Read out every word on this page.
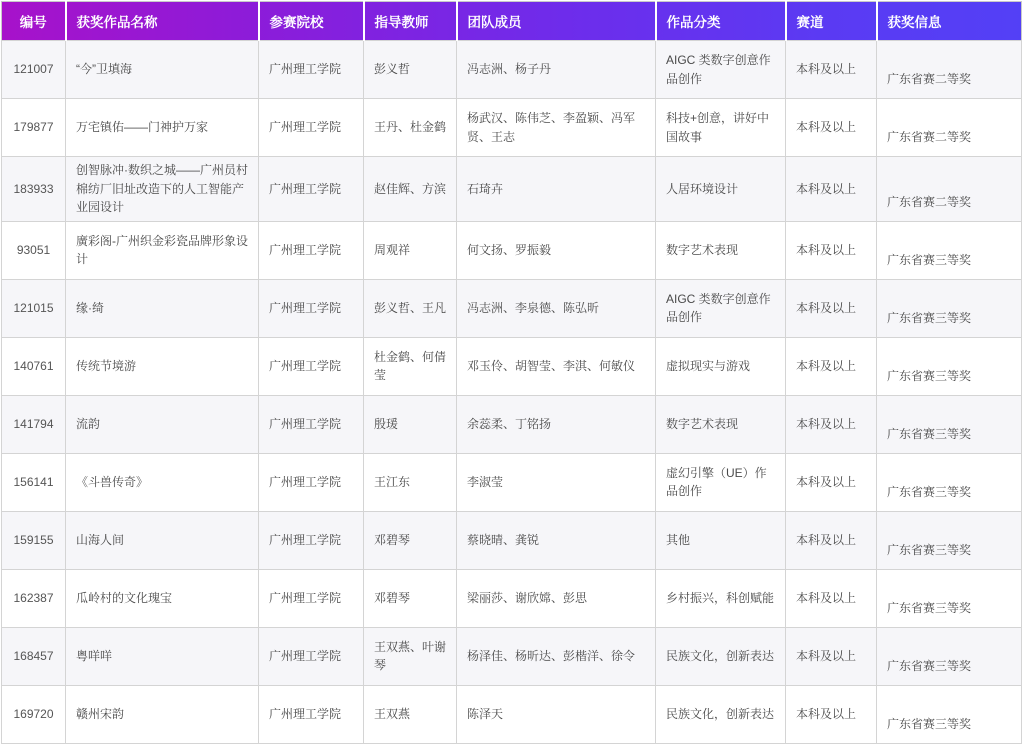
编号	获奖作品名称	参赛院校	指导教师	团队成员	作品分类	赛道	获奖信息
121007	“今”卫填海	广州理工学院	彭义哲	冯志洲、杨子丹	AIGC 类数字创意作品创作	本科及以上	广东省赛二等奖
179877	万宅镇佑——门神护万家	广州理工学院	王丹、杜金鹤	杨武汉、陈伟芝、李盈颖、冯军贤、王志	科技+创意，讲好中国故事	本科及以上	广东省赛二等奖
183933	创智脉冲·数织之城——广州员村棉纺厂旧址改造下的人工智能产业园设计	广州理工学院	赵佳辉、方滨	石琦卉	人居环境设计	本科及以上	广东省赛二等奖
93051	廣彩阁-广州织金彩瓷品牌形象设计	广州理工学院	周观祥	何文扬、罗振毅	数字艺术表现	本科及以上	广东省赛三等奖
121015	缘·绮	广州理工学院	彭义哲、王凡	冯志洲、李泉德、陈弘昕	AIGC 类数字创意作品创作	本科及以上	广东省赛三等奖
140761	传统节境游	广州理工学院	杜金鹤、何倩莹	邓玉伶、胡智莹、李淇、何敏仪	虚拟现实与游戏	本科及以上	广东省赛三等奖
141794	流韵	广州理工学院	殷瑗	余蕊柔、丁铭扬	数字艺术表现	本科及以上	广东省赛三等奖
156141	《斗兽传奇》	广州理工学院	王江东	李淑莹	虚幻引擎（UE）作品创作	本科及以上	广东省赛三等奖
159155	山海人间	广州理工学院	邓碧琴	蔡晓晴、龚锐	其他	本科及以上	广东省赛三等奖
162387	瓜岭村的文化瑰宝	广州理工学院	邓碧琴	梁丽莎、谢欣嫦、彭思	乡村振兴，科创赋能	本科及以上	广东省赛三等奖
168457	粤咩咩	广州理工学院	王双燕、叶谢琴	杨泽佳、杨昕达、彭楷洋、徐令	民族文化，创新表达	本科及以上	广东省赛三等奖
169720	赣州宋韵	广州理工学院	王双燕	陈泽天	民族文化，创新表达	本科及以上	广东省赛三等奖
